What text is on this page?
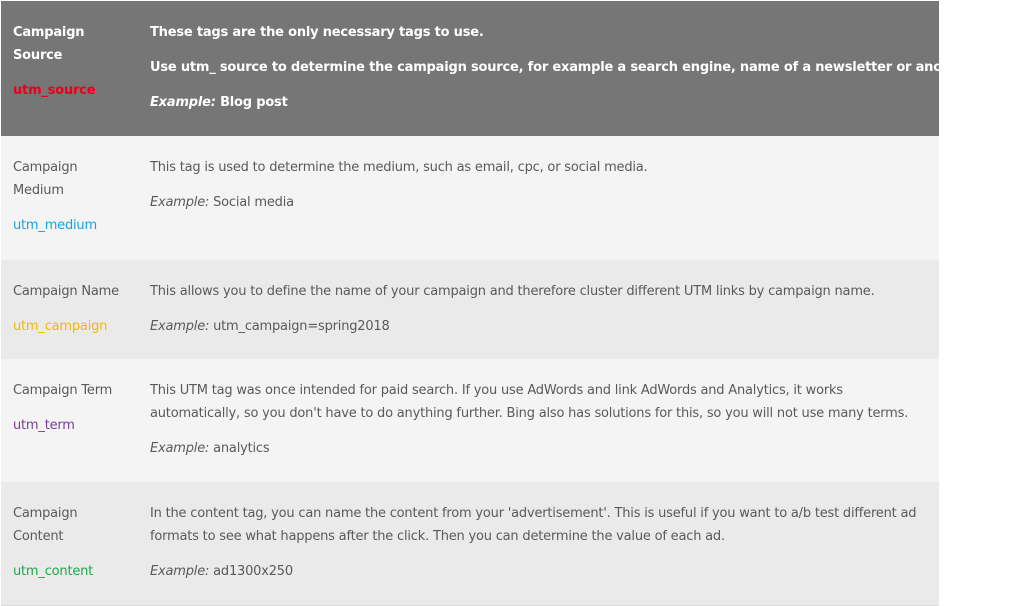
Campaign Source
utm_source

These tags are the only necessary tags to use.

Use utm_ source to determine the campaign source, for example a search engine, name of a newsletter or another source.

Example: Blog post

Campaign Medium
utm_medium

This tag is used to determine the medium, such as email, cpc, or social media.

Example: Social media

Campaign Name
utm_campaign

This allows you to define the name of your campaign and therefore cluster different UTM links by campaign name.

Example: utm_campaign=spring2018

Campaign Term
utm_term

This UTM tag was once intended for paid search. If you use AdWords and link AdWords and Analytics, it works automatically, so you don't have to do anything further. Bing also has solutions for this, so you will not use many terms.

Example: analytics

Campaign Content
utm_content

In the content tag, you can name the content from your 'advertisement'. This is useful if you want to a/b test different ad formats to see what happens after the click. Then you can determine the value of each ad.

Example: ad1300x250
